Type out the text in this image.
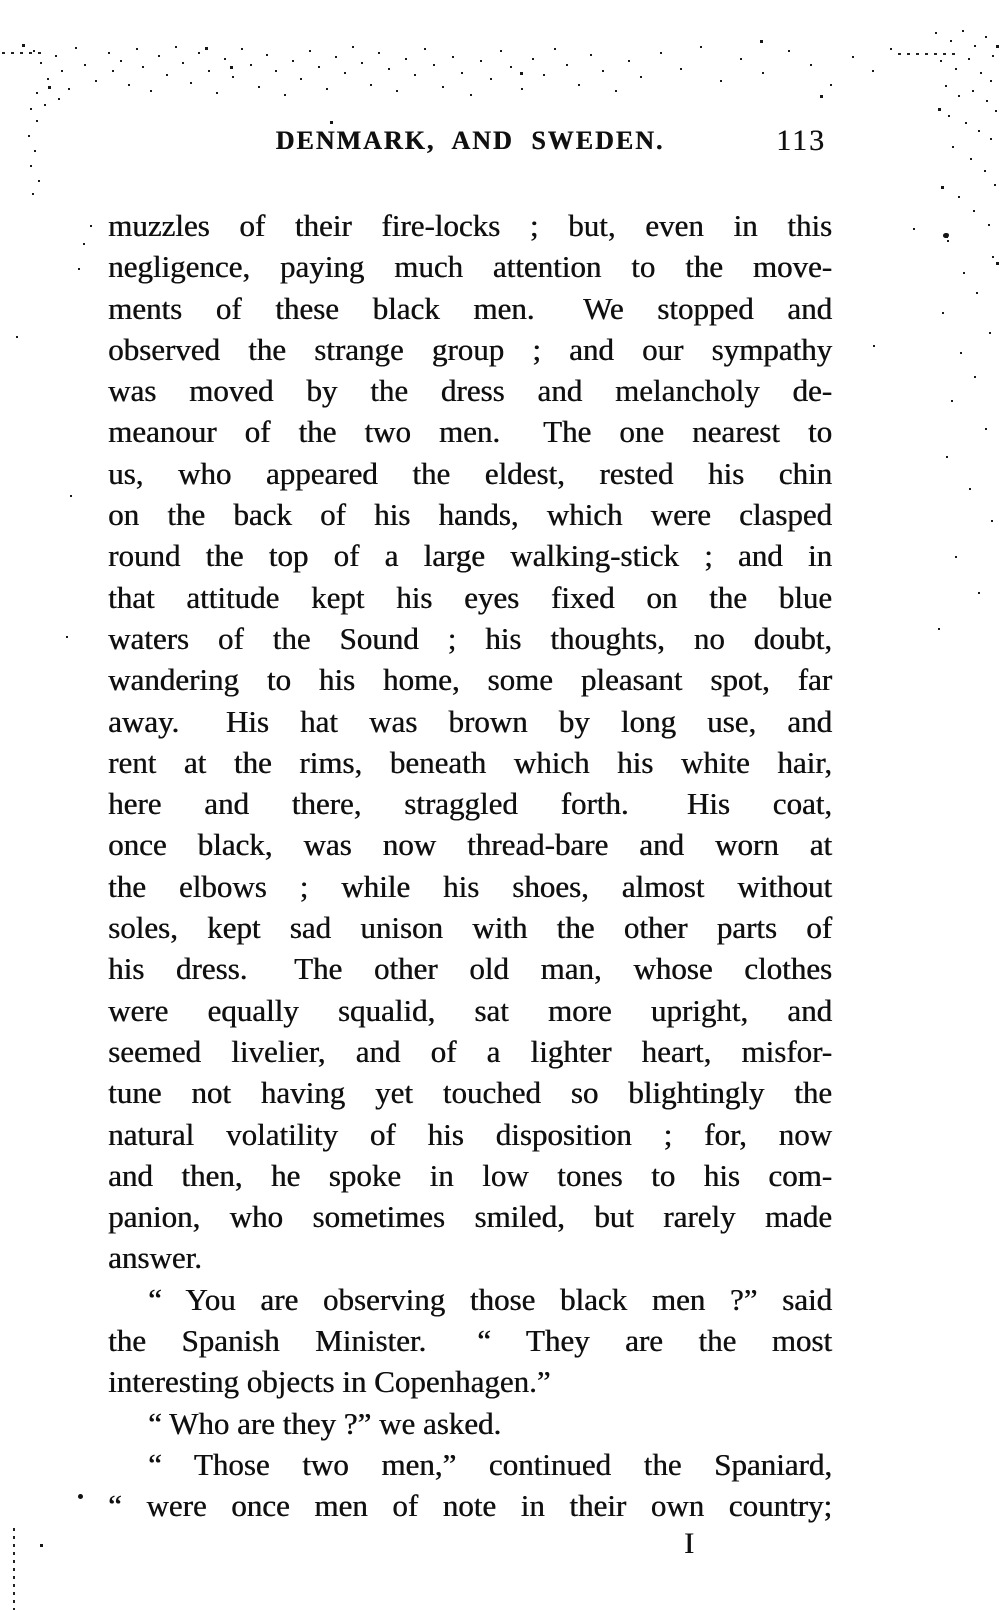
DENMARK, AND SWEDEN.	113
muzzles of their fire-locks ; but, even in this
negligence, paying much attention to the move-
ments of these black men.  We stopped and
observed the strange group ; and our sympathy
was moved by the dress and melancholy de-
meanour of the two men.  The one nearest to
us, who appeared the eldest, rested his chin
on the back of his hands, which were clasped
round the top of a large walking-stick ; and in
that attitude kept his eyes fixed on the blue
waters of the Sound ; his thoughts, no doubt,
wandering to his home, some pleasant spot, far
away.  His hat was brown by long use, and
rent at the rims, beneath which his white hair,
here and there, straggled forth.  His coat,
once black, was now thread-bare and worn at
the elbows ; while his shoes, almost without
soles, kept sad unison with the other parts of
his dress.  The other old man, whose clothes
were equally squalid, sat more upright, and
seemed livelier, and of a lighter heart, misfor-
tune not having yet touched so blightingly the
natural volatility of his disposition ; for, now
and then, he spoke in low tones to his com-
panion, who sometimes smiled, but rarely made
answer.
“ You are observing those black men ?” said
the Spanish Minister.  “ They are the most
interesting objects in Copenhagen.”
“ Who are they ?” we asked.
“ Those two men,” continued the Spaniard,
“ were once men of note in their own country;
I
